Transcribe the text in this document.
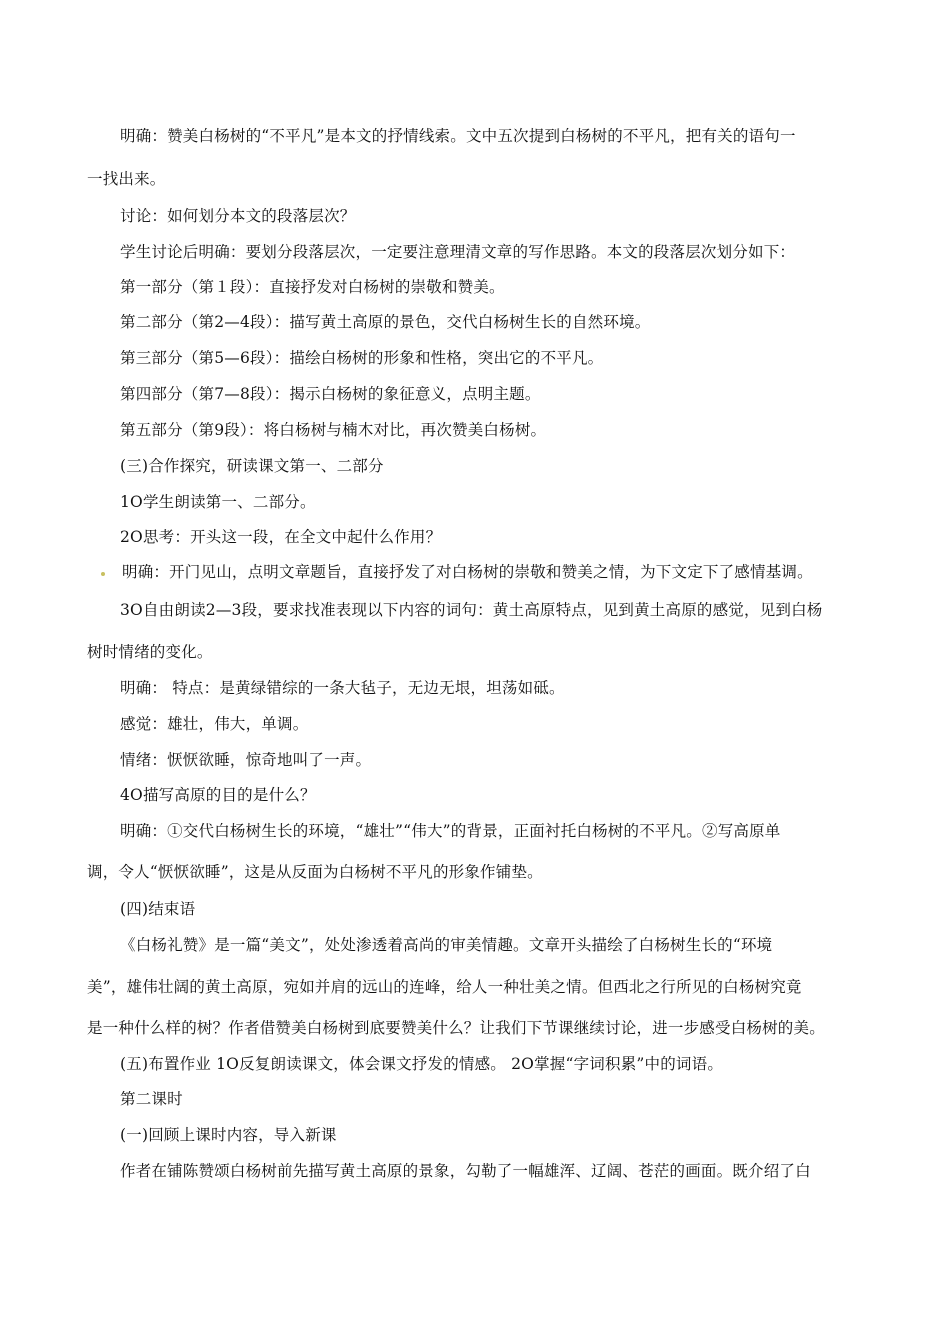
明确：赞美白杨树的“不平凡”是本文的抒情线索。文中五次提到白杨树的不平凡，把有关的语句一
一找出来。
讨论：如何划分本文的段落层次？
学生讨论后明确：要划分段落层次，一定要注意理清文章的写作思路。本文的段落层次划分如下：
第一部分（第１段）：直接抒发对白杨树的崇敬和赞美。
第二部分（第2—4段）：描写黄土高原的景色，交代白杨树生长的自然环境。
第三部分（第5—6段）：描绘白杨树的形象和性格，突出它的不平凡。
第四部分（第7—8段）：揭示白杨树的象征意义，点明主题。
第五部分（第9段）：将白杨树与楠木对比，再次赞美白杨树。
(三)合作探究，研读课文第一、二部分
1O学生朗读第一、二部分。
2O思考：开头这一段，在全文中起什么作用？
明确：开门见山，点明文章题旨，直接抒发了对白杨树的崇敬和赞美之情，为下文定下了感情基调。
3O自由朗读2—3段，要求找准表现以下内容的词句：黄土高原特点，见到黄土高原的感觉，见到白杨
树时情绪的变化。
明确： 特点：是黄绿错综的一条大毡子，无边无垠，坦荡如砥。
感觉：雄壮，伟大，单调。
情绪：恹恹欲睡，惊奇地叫了一声。
4O描写高原的目的是什么？
明确：①交代白杨树生长的环境，“雄壮”“伟大”的背景，正面衬托白杨树的不平凡。②写高原单
调，令人“恹恹欲睡”，这是从反面为白杨树不平凡的形象作铺垫。
(四)结束语
《白杨礼赞》是一篇“美文”，处处渗透着高尚的审美情趣。文章开头描绘了白杨树生长的“环境
美”，雄伟壮阔的黄土高原，宛如并肩的远山的连峰，给人一种壮美之情。但西北之行所见的白杨树究竟
是一种什么样的树？作者借赞美白杨树到底要赞美什么？让我们下节课继续讨论，进一步感受白杨树的美。
(五)布置作业 1O反复朗读课文，体会课文抒发的情感。 2O掌握“字词积累”中的词语。
第二课时
(一)回顾上课时内容，导入新课
作者在铺陈赞颂白杨树前先描写黄土高原的景象，勾勒了一幅雄浑、辽阔、苍茫的画面。既介绍了白
